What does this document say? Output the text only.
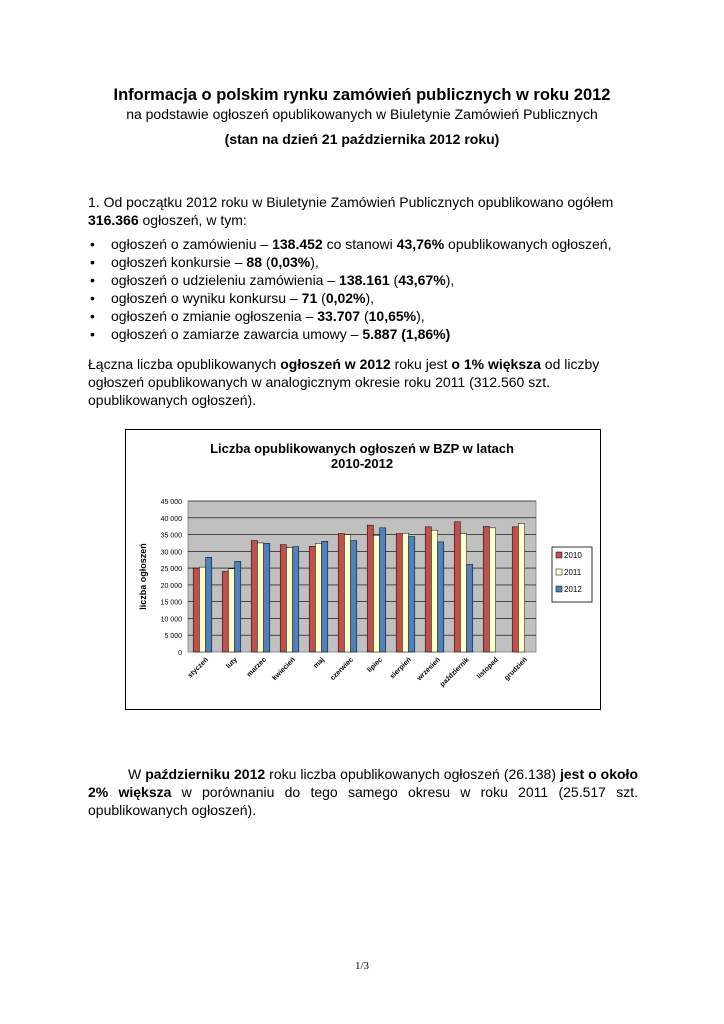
Informacja o polskim rynku zamówień publicznych w roku 2012
na podstawie ogłoszeń opublikowanych w Biuletynie Zamówień Publicznych
(stan na dzień 21 października 2012 roku)
1. Od początku 2012 roku w Biuletynie Zamówień Publicznych opublikowano ogółem 316.366 ogłoszeń, w tym:
• ogłoszeń o zamówieniu – 138.452 co stanowi 43,76% opublikowanych ogłoszeń,
• ogłoszeń konkursie – 88 (0,03%),
• ogłoszeń o udzieleniu zamówienia – 138.161 (43,67%),
• ogłoszeń o wyniku konkursu – 71 (0,02%),
• ogłoszeń o zmianie ogłoszenia – 33.707 (10,65%),
• ogłoszeń o zamiarze zawarcia umowy – 5.887 (1,86%)
Łączna liczba opublikowanych ogłoszeń w 2012 roku jest o 1% większa od liczby ogłoszeń opublikowanych w analogicznym okresie roku 2011 (312.560 szt. opublikowanych ogłoszeń).
Liczba opublikowanych ogłoszeń w BZP w latach
2010-2012
45 000
40 000
35 000
30 000
25 000
20 000
15 000
10 000
5 000
0
liczba ogłoszeń
styczeń luty marzec kwiecień maj czerwiec lipiec sierpień wrzesień
październik listopad grudzień
2010
2011
2012
W październiku 2012 roku liczba opublikowanych ogłoszeń (26.138) jest o około 2% większa w porównaniu do tego samego okresu w roku 2011 (25.517 szt. opublikowanych ogłoszeń).
1/3
